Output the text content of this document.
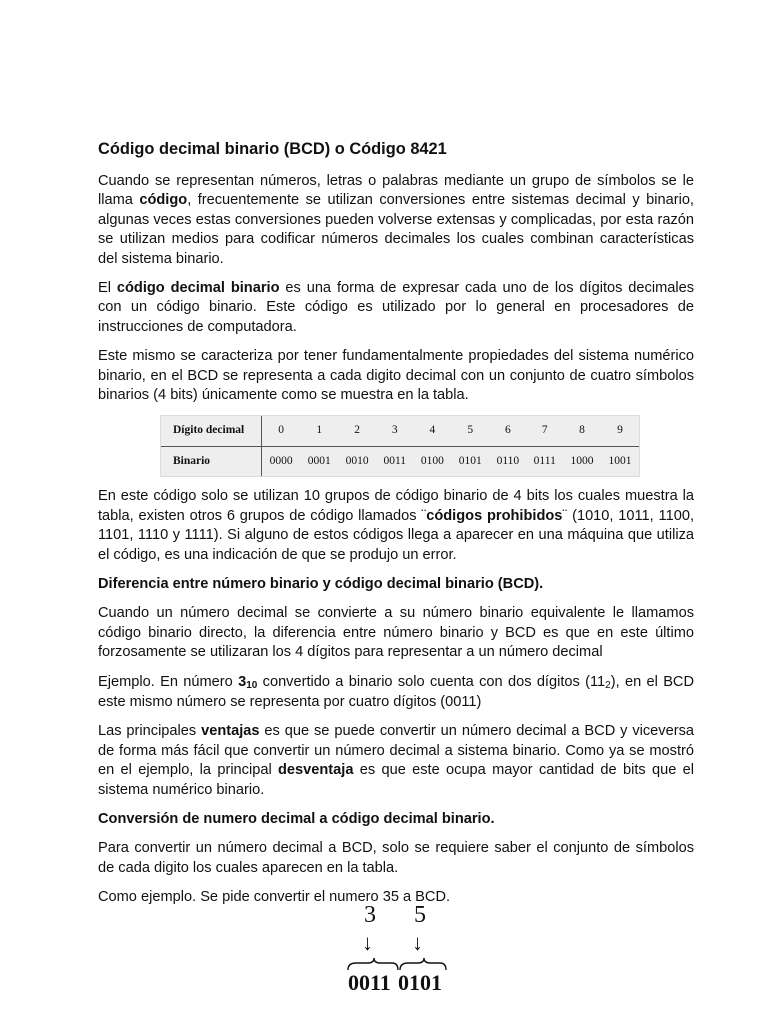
Código decimal binario (BCD) o Código 8421

Cuando se representan números, letras o palabras mediante un grupo de símbolos se le llama código, frecuentemente se utilizan conversiones entre sistemas decimal y binario, algunas veces estas conversiones pueden volverse extensas y complicadas, por esta razón se utilizan medios para codificar números decimales los cuales combinan características del sistema binario.

El código decimal binario es una forma de expresar cada uno de los dígitos decimales con un código binario. Este código es utilizado por lo general en procesadores de instrucciones de computadora.

Este mismo se caracteriza por tener fundamentalmente propiedades del sistema numérico binario, en el BCD se representa a cada digito decimal con un conjunto de cuatro símbolos binarios (4 bits) únicamente como se muestra en la tabla.

Dígito decimal	0	1	2	3	4	5	6	7	8	9
Binario	0000	0001	0010	0011	0100	0101	0110	0111	1000	1001

En este código solo se utilizan 10 grupos de código binario de 4 bits los cuales muestra la tabla, existen otros 6 grupos de código llamados ¨códigos prohibidos¨ (1010, 1011, 1100, 1101, 1110 y 1111). Si alguno de estos códigos llega a aparecer en una máquina que utiliza el código, es una indicación de que se produjo un error.

Diferencia entre número binario y código decimal binario (BCD).

Cuando un número decimal se convierte a su número binario equivalente le llamamos código binario directo, la diferencia entre número binario y BCD es que en este último forzosamente se utilizaran los 4 dígitos para representar a un número decimal

Ejemplo. En número 310 convertido a binario solo cuenta con dos dígitos (112), en el BCD este mismo número se representa por cuatro dígitos (0011)

Las principales ventajas es que se puede convertir un número decimal a BCD y viceversa de forma más fácil que convertir un número decimal a sistema binario. Como ya se mostró en el ejemplo, la principal desventaja es que este ocupa mayor cantidad de bits que el sistema numérico binario.

Conversión de numero decimal a código decimal binario.

Para convertir un número decimal a BCD, solo se requiere saber el conjunto de símbolos de cada digito los cuales aparecen en la tabla.

Como ejemplo. Se pide convertir el numero 35 a BCD.

3 5
↓ ↓
0011 0101
